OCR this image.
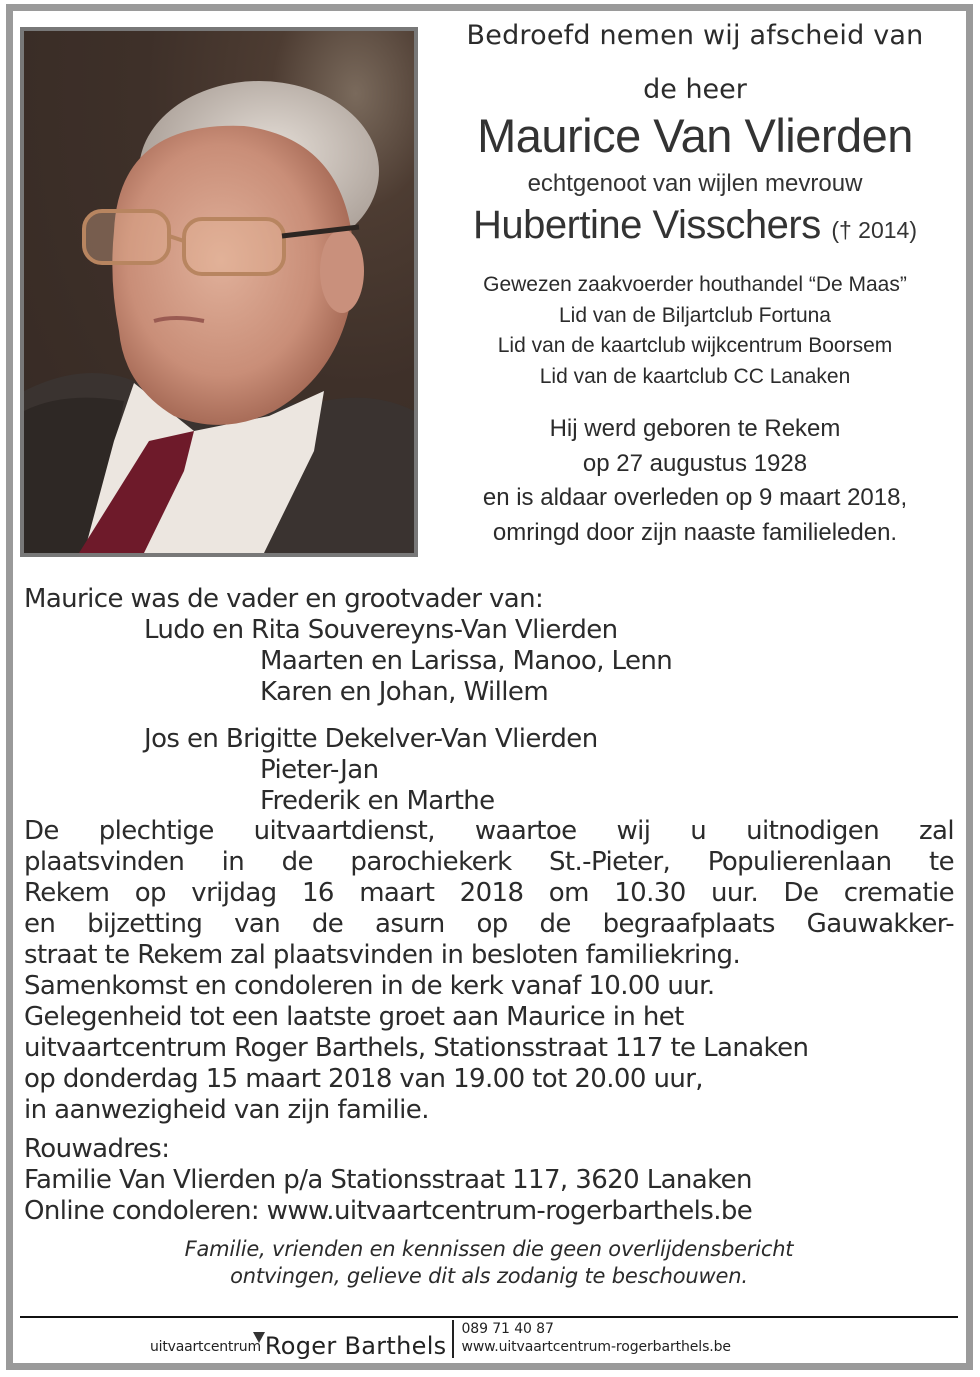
Bedroefd nemen wij afscheid van
de heer
Maurice Van Vlierden
echtgenoot van wijlen mevrouw
Hubertine Visschers († 2014)
Gewezen zaakvoerder houthandel “De Maas”
Lid van de Biljartclub Fortuna
Lid van de kaartclub wijkcentrum Boorsem
Lid van de kaartclub CC Lanaken
Hij werd geboren te Rekem
op 27 augustus 1928
en is aldaar overleden op 9 maart 2018,
omringd door zijn naaste familieleden.
Maurice was de vader en grootvader van:
Ludo en Rita Souvereyns-Van Vlierden
Maarten en Larissa, Manoo, Lenn
Karen en Johan, Willem
Jos en Brigitte Dekelver-Van Vlierden
Pieter-Jan
Frederik en Marthe
De plechtige uitvaartdienst, waartoe wij u uitnodigen zal
plaatsvinden in de parochiekerk St.-Pieter, Populierenlaan te
Rekem op vrijdag 16 maart 2018 om 10.30 uur. De crematie
en bijzetting van de asurn op de begraafplaats Gauwakker-
straat te Rekem zal plaatsvinden in besloten familiekring.
Samenkomst en condoleren in de kerk vanaf 10.00 uur.
Gelegenheid tot een laatste groet aan Maurice in het
uitvaartcentrum Roger Barthels, Stationsstraat 117 te Lanaken
op donderdag 15 maart 2018 van 19.00 tot 20.00 uur,
in aanwezigheid van zijn familie.
Rouwadres:
Familie Van Vlierden p/a Stationsstraat 117, 3620 Lanaken
Online condoleren: www.uitvaartcentrum-rogerbarthels.be
Familie, vrienden en kennissen die geen overlijdensbericht
ontvingen, gelieve dit als zodanig te beschouwen.
uitvaartcentrum Roger Barthels
089 71 40 87
www.uitvaartcentrum-rogerbarthels.be
